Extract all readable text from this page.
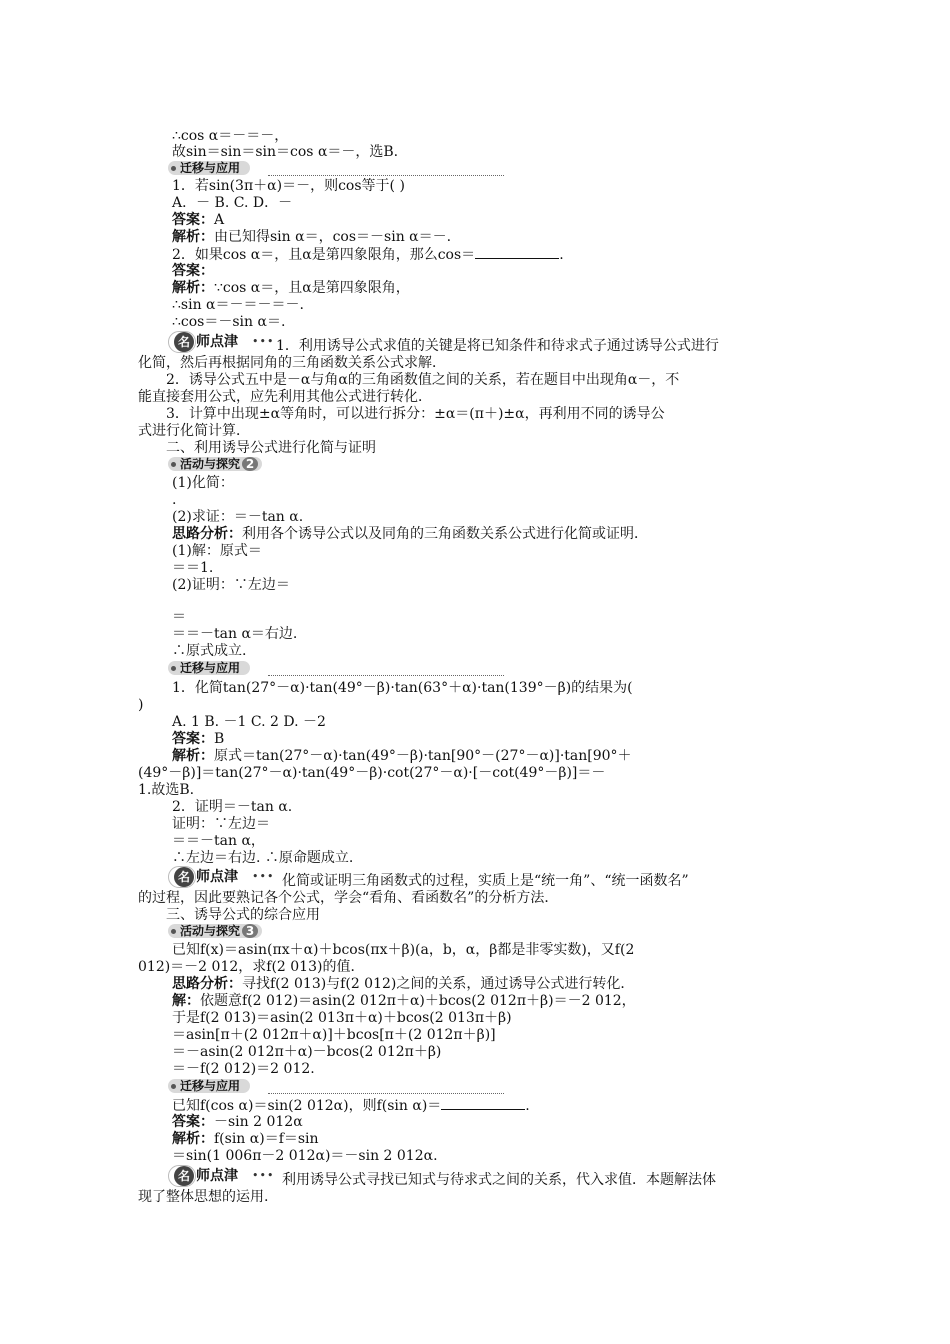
∴cos α＝－＝－，
故sin＝sin＝sin＝cos α＝－，选B.
迁移与应用
1．若sin(3π＋α)＝－，则cos等于( )
A．－ B. C. D．－
答案：A
解析：由已知得sin α＝，cos＝－sin α＝－.
2．如果cos α＝，且α是第四象限角，那么cos＝	.
答案：
解析：∵cos α＝，且α是第四象限角，
∴sin α＝－＝－＝－.
∴cos＝－sin α＝.
名 师点津 ••• 1．利用诱导公式求值的关键是将已知条件和待求式子通过诱导公式进行
化简，然后再根据同角的三角函数关系公式求解．
2．诱导公式五中是－α与角α的三角函数值之间的关系，若在题目中出现角α－，不
能直接套用公式，应先利用其他公式进行转化．
3．计算中出现±α等角时，可以进行拆分：±α＝(π＋)±α，再利用不同的诱导公
式进行化简计算．
二、利用诱导公式进行化简与证明
活动与探究 2
(1)化简：
.
(2)求证：＝－tan α.
思路分析：利用各个诱导公式以及同角的三角函数关系公式进行化简或证明．
(1)解：原式＝
＝＝1.
(2)证明：∵左边＝
＝
＝＝－tan α＝右边.
∴原式成立.
迁移与应用
1．化简tan(27°－α)·tan(49°－β)·tan(63°＋α)·tan(139°－β)的结果为(
)
A. 1 B. －1 C. 2 D. －2
答案：B
解析：原式＝tan(27°－α)·tan(49°－β)·tan[90°－(27°－α)]·tan[90°＋
(49°－β)]＝tan(27°－α)·tan(49°－β)·cot(27°－α)·[－cot(49°－β)]＝－
1.故选B.
2．证明＝－tan α.
证明：∵左边＝
＝＝－tan α，
∴左边＝右边. ∴原命题成立.
名 师点津 ••• 化简或证明三角函数式的过程，实质上是“统一角”、“统一函数名”
的过程，因此要熟记各个公式，学会“看角、看函数名”的分析方法．
三、诱导公式的综合应用
活动与探究 3
已知f(x)＝asin(πx＋α)＋bcos(πx＋β)(a，b，α，β都是非零实数)，又f(2
012)＝－2 012，求f(2 013)的值．
思路分析：寻找f(2 013)与f(2 012)之间的关系，通过诱导公式进行转化．
解：依题意f(2 012)＝asin(2 012π＋α)＋bcos(2 012π＋β)＝－2 012，
于是f(2 013)＝asin(2 013π＋α)＋bcos(2 013π＋β)
＝asin[π＋(2 012π＋α)]＋bcos[π＋(2 012π＋β)]
＝－asin(2 012π＋α)－bcos(2 012π＋β)
＝－f(2 012)＝2 012.
迁移与应用
已知f(cos α)＝sin(2 012α)，则f(sin α)＝	.
答案：－sin 2 012α
解析：f(sin α)＝f＝sin
＝sin(1 006π－2 012α)＝－sin 2 012α.
名 师点津 ••• 利用诱导公式寻找已知式与待求式之间的关系，代入求值．本题解法体
现了整体思想的运用.
